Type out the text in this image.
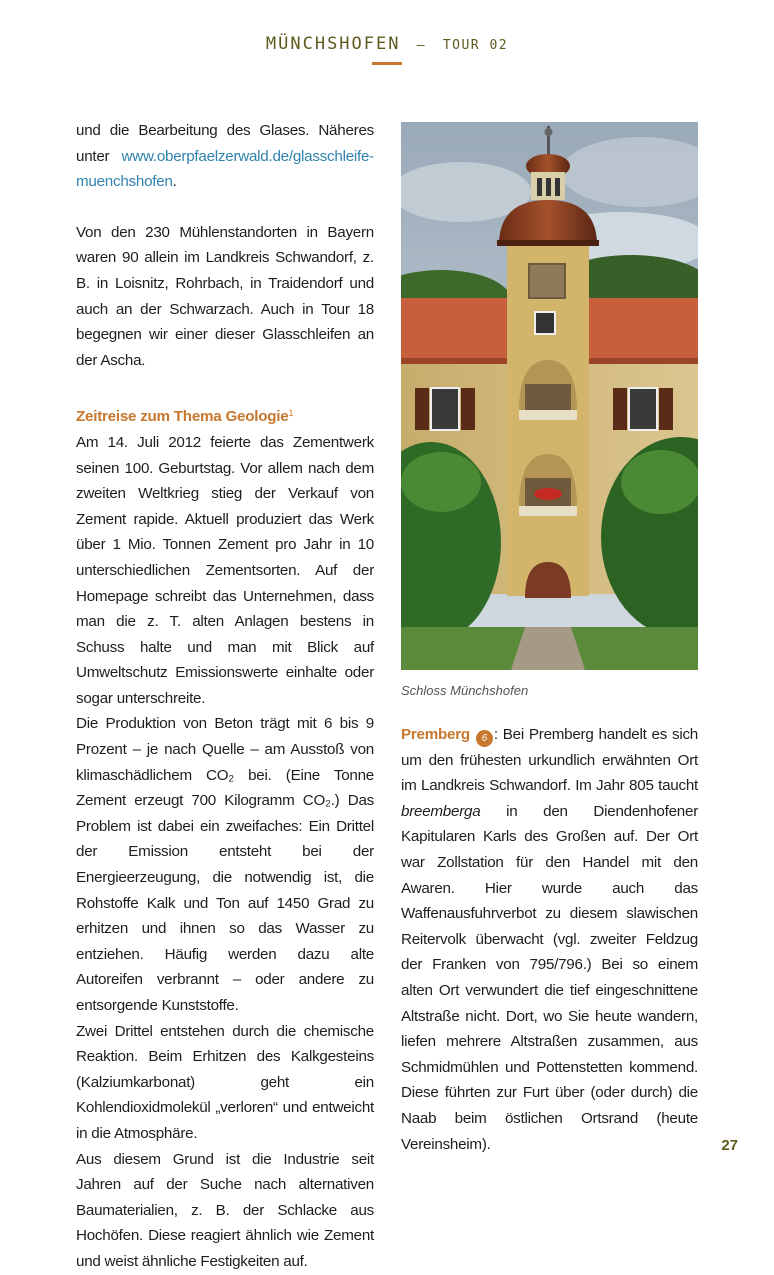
MÜNCHSHOFEN – TOUR 02

und die Bearbeitung des Glases. Näheres unter www.oberpfaelzerwald.de/glasschleife-muenchshofen.

Von den 230 Mühlenstandorten in Bayern waren 90 allein im Landkreis Schwandorf, z. B. in Loisnitz, Rohrbach, in Traidendorf und auch an der Schwarzach. Auch in Tour 18 begegnen wir einer dieser Glasschleifen an der Ascha.

Zeitreise zum Thema Geologie$^1$

Am 14. Juli 2012 feierte das Zementwerk seinen 100. Geburtstag. Vor allem nach dem zweiten Weltkrieg stieg der Verkauf von Zement rapide. Aktuell produziert das Werk über 1 Mio. Tonnen Zement pro Jahr in 10 unterschiedlichen Zementsorten. Auf der Homepage schreibt das Unternehmen, dass man die z. T. alten Anlagen bestens in Schuss halte und man mit Blick auf Umweltschutz Emissionswerte einhalte oder sogar unterschreite.

Die Produktion von Beton trägt mit 6 bis 9 Prozent – je nach Quelle – am Ausstoß von klimaschädlichem CO₂ bei. (Eine Tonne Zement erzeugt 700 Kilogramm CO₂.) Das Problem ist dabei ein zweifaches: Ein Drittel der Emission entsteht bei der Energieerzeugung, die notwendig ist, die Rohstoffe Kalk und Ton auf 1450 Grad zu erhitzen und ihnen so das Wasser zu entziehen. Häufig werden dazu alte Autoreifen verbrannt – oder andere zu entsorgende Kunststoffe.

Zwei Drittel entstehen durch die chemische Reaktion. Beim Erhitzen des Kalkgesteins (Kalziumkarbonat) geht ein Kohlendioxidmolekül „verloren“ und entweicht in die Atmosphäre.

Aus diesem Grund ist die Industrie seit Jahren auf der Suche nach alternativen Baumaterialien, z. B. der Schlacke aus Hochöfen. Diese reagiert ähnlich wie Zement und weist ähnliche Festigkeiten auf.

Schloss Münchshofen

Premberg 6 : Bei Premberg handelt es sich um den frühesten urkundlich erwähnten Ort im Landkreis Schwandorf. Im Jahr 805 taucht breemberga in den Diendenhofener Kapitularen Karls des Großen auf. Der Ort war Zollstation für den Handel mit den Awaren. Hier wurde auch das Waffenausfuhrverbot zu diesem slawischen Reitervolk überwacht (vgl. zweiter Feldzug der Franken von 795/796.) Bei so einem alten Ort verwundert die tief eingeschnittene Altstraße nicht. Dort, wo Sie heute wandern, liefen mehrere Altstraßen zusammen, aus Schmidmühlen und Pottenstetten kommend. Diese führten zur Furt über (oder durch) die Naab beim östlichen Ortsrand (heute Vereinsheim).	27
